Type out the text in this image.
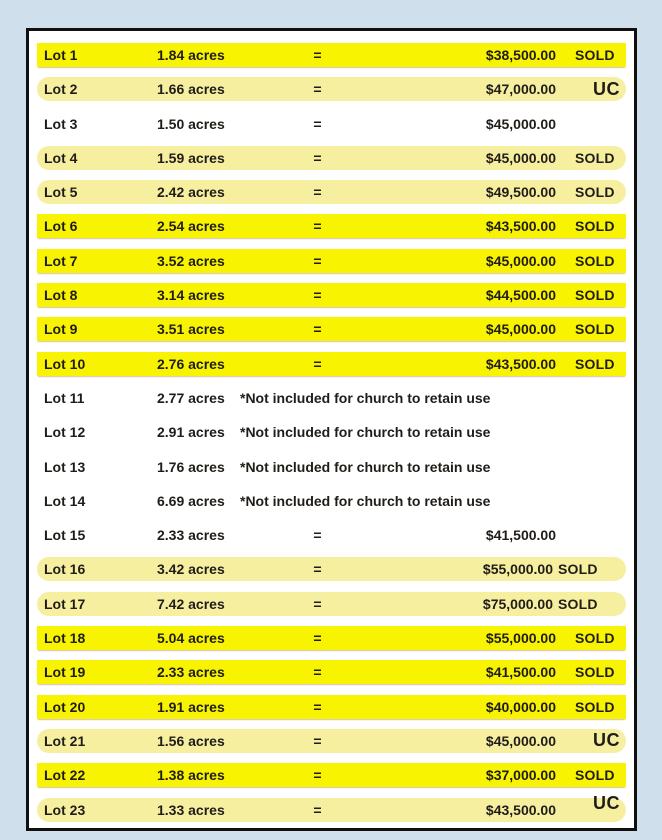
Lot 1	1.84 acres	=	$38,500.00	SOLD
Lot 2	1.66 acres	=	$47,000.00	UC
Lot 3	1.50 acres	=	$45,000.00
Lot 4	1.59 acres	=	$45,000.00	SOLD
Lot 5	2.42 acres	=	$49,500.00	SOLD
Lot 6	2.54 acres	=	$43,500.00	SOLD
Lot 7	3.52 acres	=	$45,000.00	SOLD
Lot 8	3.14 acres	=	$44,500.00	SOLD
Lot 9	3.51 acres	=	$45,000.00	SOLD
Lot 10	2.76 acres	=	$43,500.00	SOLD
Lot 11	2.77 acres	*Not included for church to retain use
Lot 12	2.91 acres	*Not included for church to retain use
Lot 13	1.76 acres	*Not included for church to retain use
Lot 14	6.69 acres	*Not included for church to retain use
Lot 15	2.33 acres	=	$41,500.00
Lot 16	3.42 acres	=	$55,000.00 SOLD
Lot 17	7.42 acres	=	$75,000.00 SOLD
Lot 18	5.04 acres	=	$55,000.00	SOLD
Lot 19	2.33 acres	=	$41,500.00	SOLD
Lot 20	1.91 acres	=	$40,000.00	SOLD
Lot 21	1.56 acres	=	$45,000.00	UC
Lot 22	1.38 acres	=	$37,000.00	SOLD
Lot 23	1.33 acres	=	$43,500.00	UC
